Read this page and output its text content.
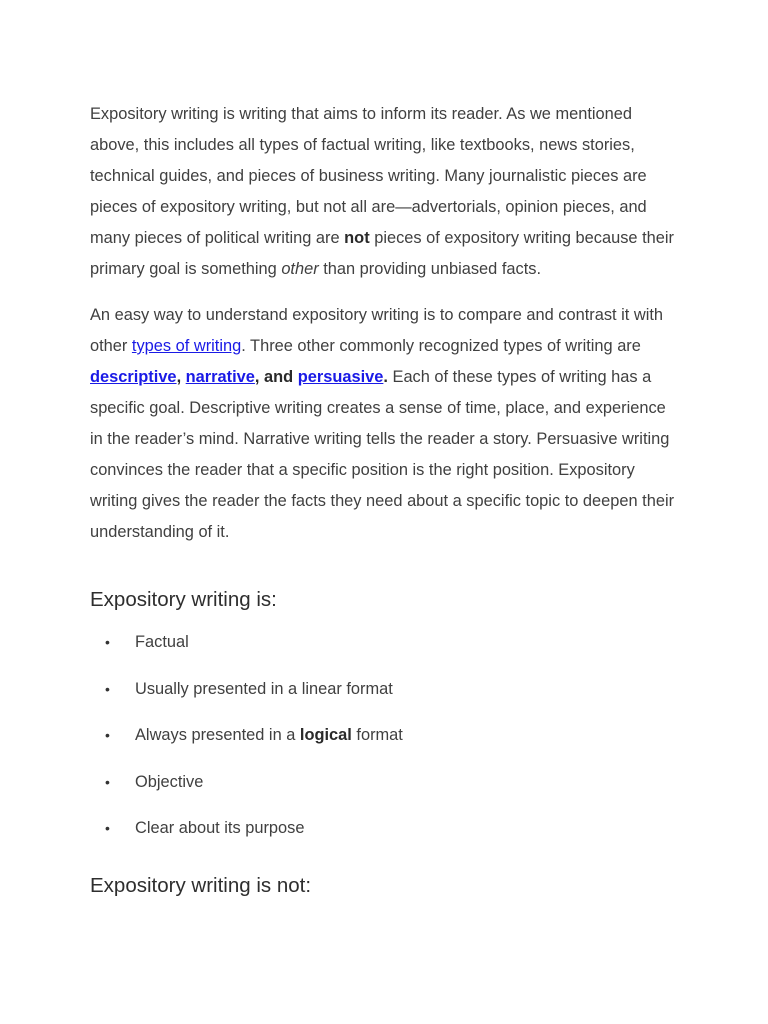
Expository writing is writing that aims to inform its reader. As we mentioned above, this includes all types of factual writing, like textbooks, news stories, technical guides, and pieces of business writing. Many journalistic pieces are pieces of expository writing, but not all are—advertorials, opinion pieces, and many pieces of political writing are not pieces of expository writing because their primary goal is something other than providing unbiased facts.

An easy way to understand expository writing is to compare and contrast it with other types of writing. Three other commonly recognized types of writing are descriptive, narrative, and persuasive. Each of these types of writing has a specific goal. Descriptive writing creates a sense of time, place, and experience in the reader’s mind. Narrative writing tells the reader a story. Persuasive writing convinces the reader that a specific position is the right position. Expository writing gives the reader the facts they need about a specific topic to deepen their understanding of it.

Expository writing is:
• Factual
• Usually presented in a linear format
• Always presented in a logical format
• Objective
• Clear about its purpose
Expository writing is not:
